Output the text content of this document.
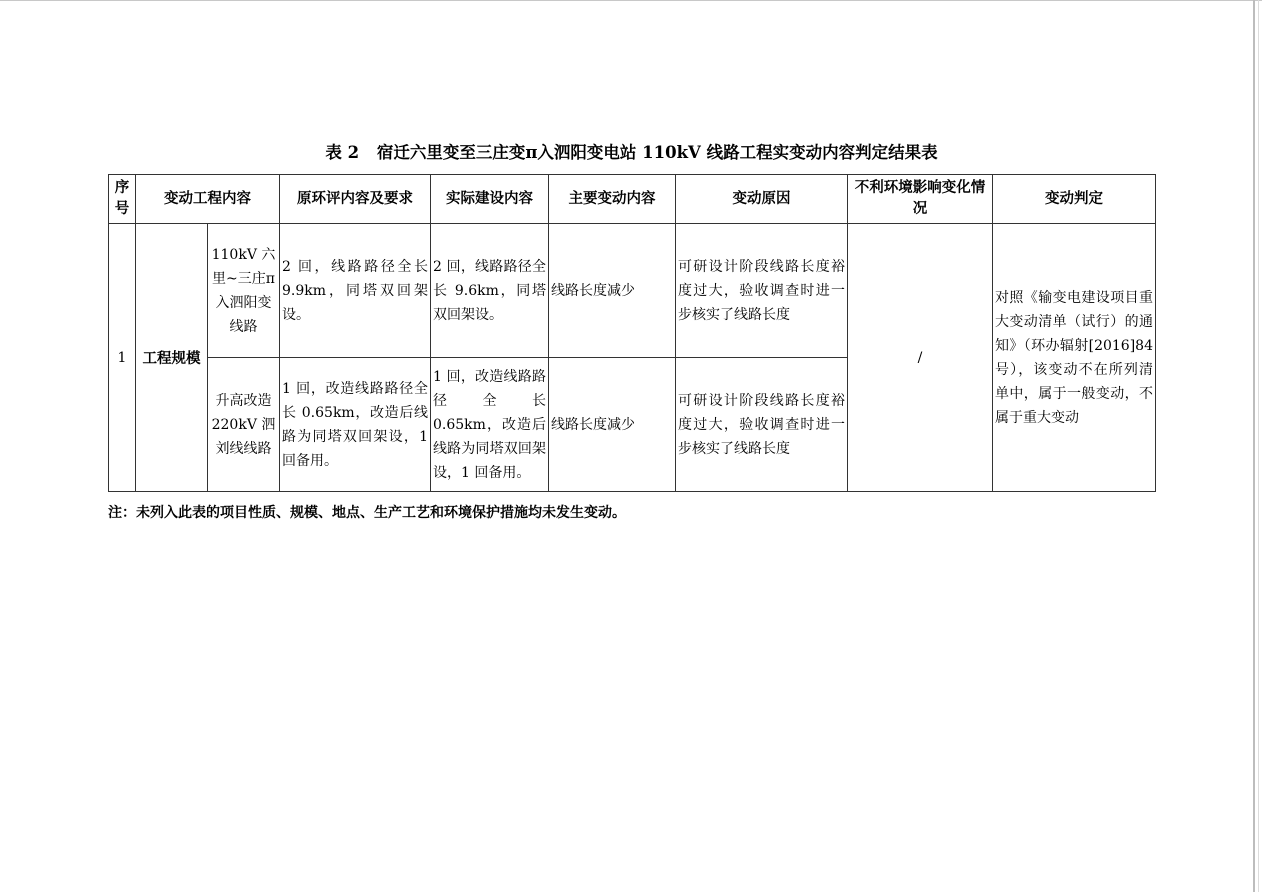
表 2 宿迁六里变至三庄变π入泗阳变电站 110kV 线路工程实变动内容判定结果表
序号	变动工程内容		原环评内容及要求	实际建设内容	主要变动内容	变动原因	不利环境影响变化情况	变动判定
1	工程规模	110kV 六里~三庄π入泗阳变线路	2 回，线路路径全长 9.9km，同塔双回架设。	2 回，线路路径全长 9.6km，同塔双回架设。	线路长度减少	可研设计阶段线路长度裕度过大，验收调查时进一步核实了线路长度	/	对照《输变电建设项目重大变动清单（试行）的通知》（环办辐射[2016]84号），该变动不在所列清单中，属于一般变动，不属于重大变动
		升高改造 220kV 泗刘线线路	1 回，改造线路路径全长 0.65km，改造后线路为同塔双回架设，1 回备用。	1 回，改造线路路径全长 0.65km，改造后线路为同塔双回架设，1 回备用。	线路长度减少	可研设计阶段线路长度裕度过大，验收调查时进一步核实了线路长度		
注：未列入此表的项目性质、规模、地点、生产工艺和环境保护措施均未发生变动。
